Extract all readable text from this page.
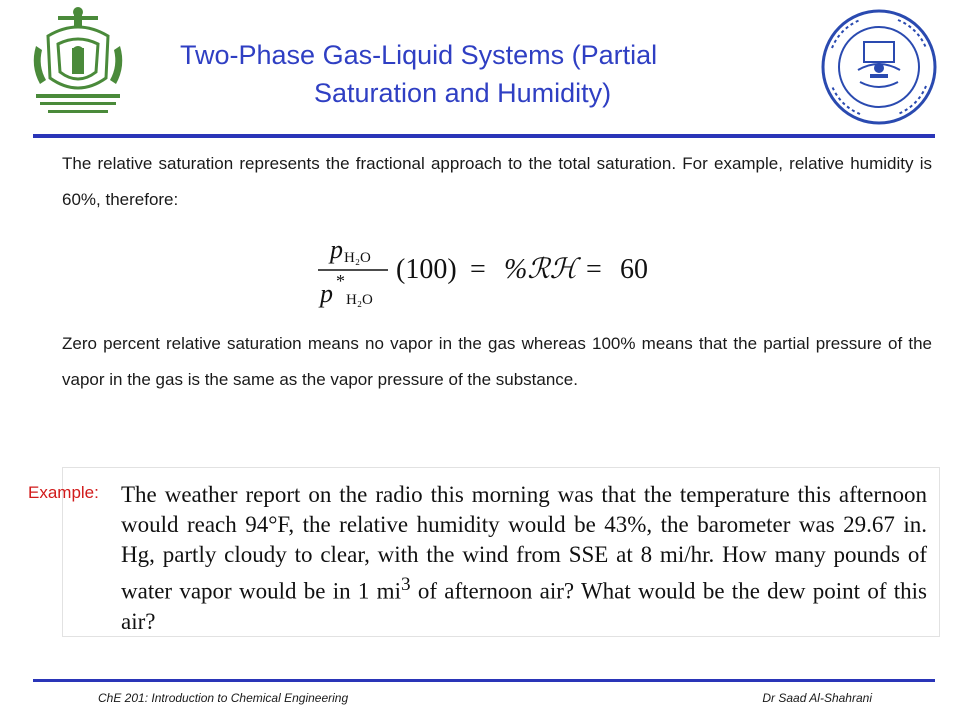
Two-Phase Gas-Liquid Systems (Partial
Saturation and Humidity)
The relative saturation represents the fractional approach to the total saturation. For example, relative humidity is 60%, therefore:
p H₂O
p *
H₂O
(100) = %ℛℋ = 60
Zero percent relative saturation means no vapor in the gas whereas 100% means that the partial pressure of the vapor in the gas is the same as the vapor pressure of the substance.
The weather report on the radio this morning was that the temperature this afternoon would reach 94°F, the relative humidity would be 43%, the barometer was 29.67 in. Hg, partly cloudy to clear, with the wind from SSE at 8 mi/hr. How many pounds of water vapor would be in 1 $mi^3$ of afternoon air? What would be the dew point of this air?
Example:
ChE 201: Introduction to Chemical Engineering	Dr Saad Al-Shahrani
